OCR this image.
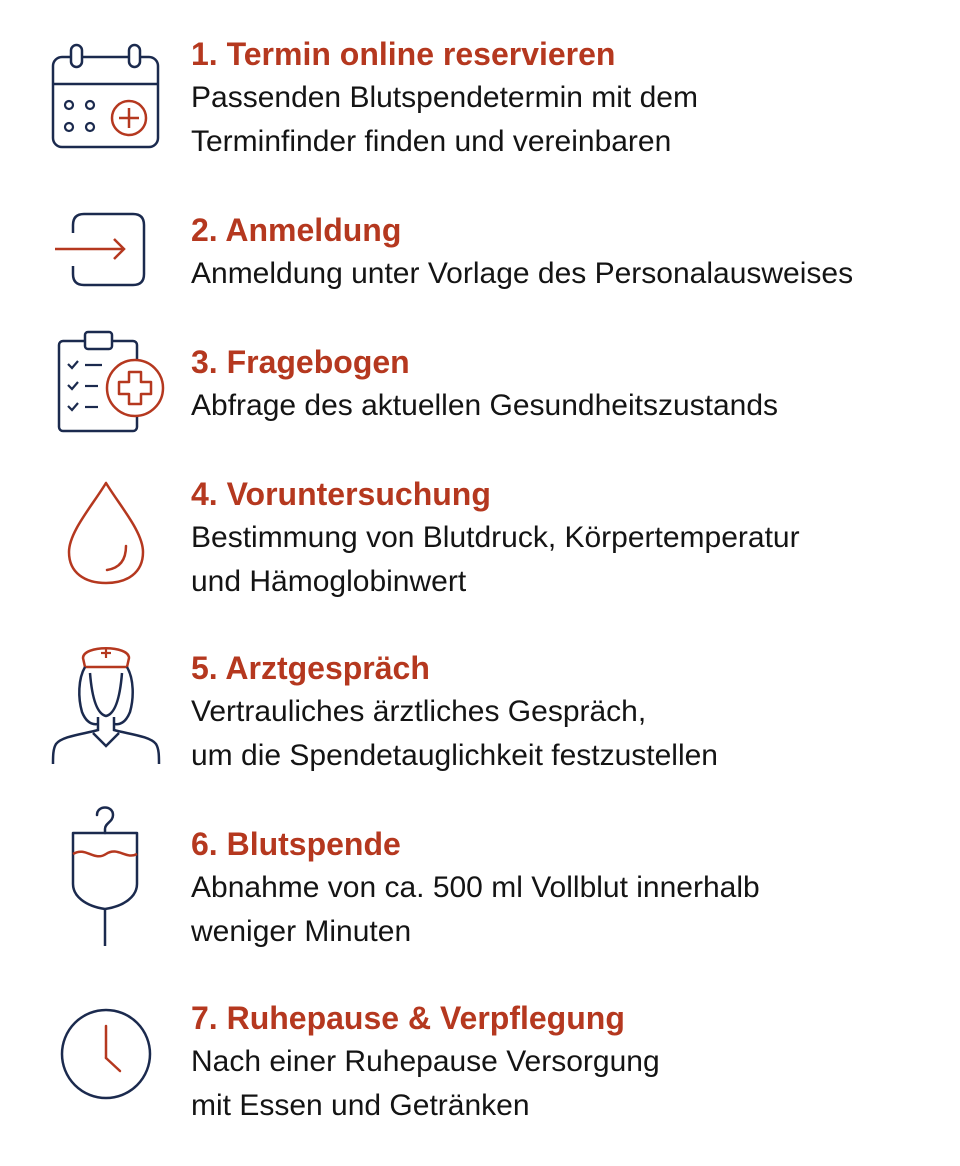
1. Termin online reservieren
Passenden Blutspendetermin mit dem
Terminfinder finden und vereinbaren
2. Anmeldung
Anmeldung unter Vorlage des Personalausweises
3. Fragebogen
Abfrage des aktuellen Gesundheitszustands
4. Voruntersuchung
Bestimmung von Blutdruck, Körpertemperatur
und Hämoglobinwert
5. Arztgespräch
Vertrauliches ärztliches Gespräch,
um die Spendetauglichkeit festzustellen
6. Blutspende
Abnahme von ca. 500 ml Vollblut innerhalb
weniger Minuten
7. Ruhepause & Verpflegung
Nach einer Ruhepause Versorgung
mit Essen und Getränken
